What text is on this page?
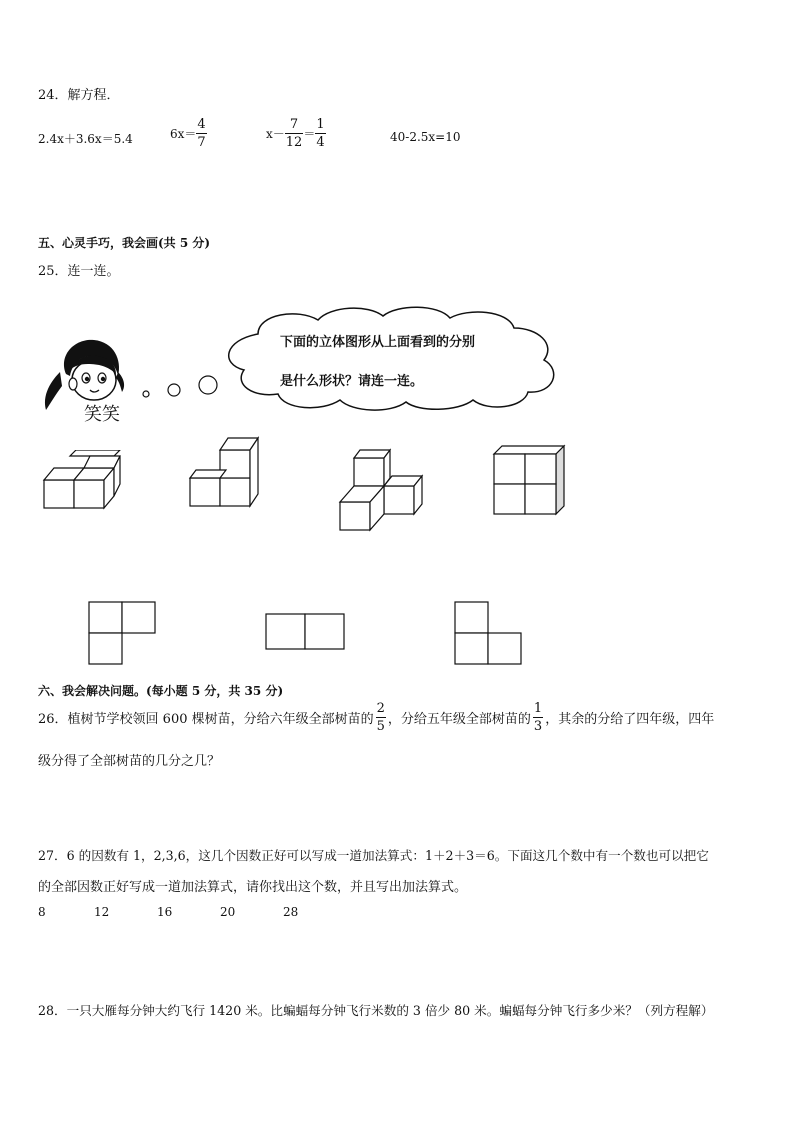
24．解方程．
2.4x＋3.6x＝5.4	$6x= \frac{4}{7}$	$x- \frac{7}{12} = \frac{1}{4}$	40-2.5x=10
五、心灵手巧，我会画(共 5 分)
25．连一连。
笑笑
下面的立体图形从上面看到的分别
是什么形状？请连一连。
六、我会解决问题。(每小题 5 分，共 35 分)
26．植树节学校领回 600 棵树苗，分给六年级全部树苗的 $\frac{2}{5}$ ，分给五年级全部树苗的 $\frac{1}{3}$ ，其余的分给了四年级，四年
级分得了全部树苗的几分之几？
27．6 的因数有 1，2,3,6，这几个因数正好可以写成一道加法算式：1＋2＋3＝6。下面这几个数中有一个数也可以把它
的全部因数正好写成一道加法算式，请你找出这个数，并且写出加法算式。
8	12	16	20	28
28．一只大雁每分钟大约飞行 1420 米。比蝙蝠每分钟飞行米数的 3 倍少 80 米。蝙蝠每分钟飞行多少米？（列方程解）
